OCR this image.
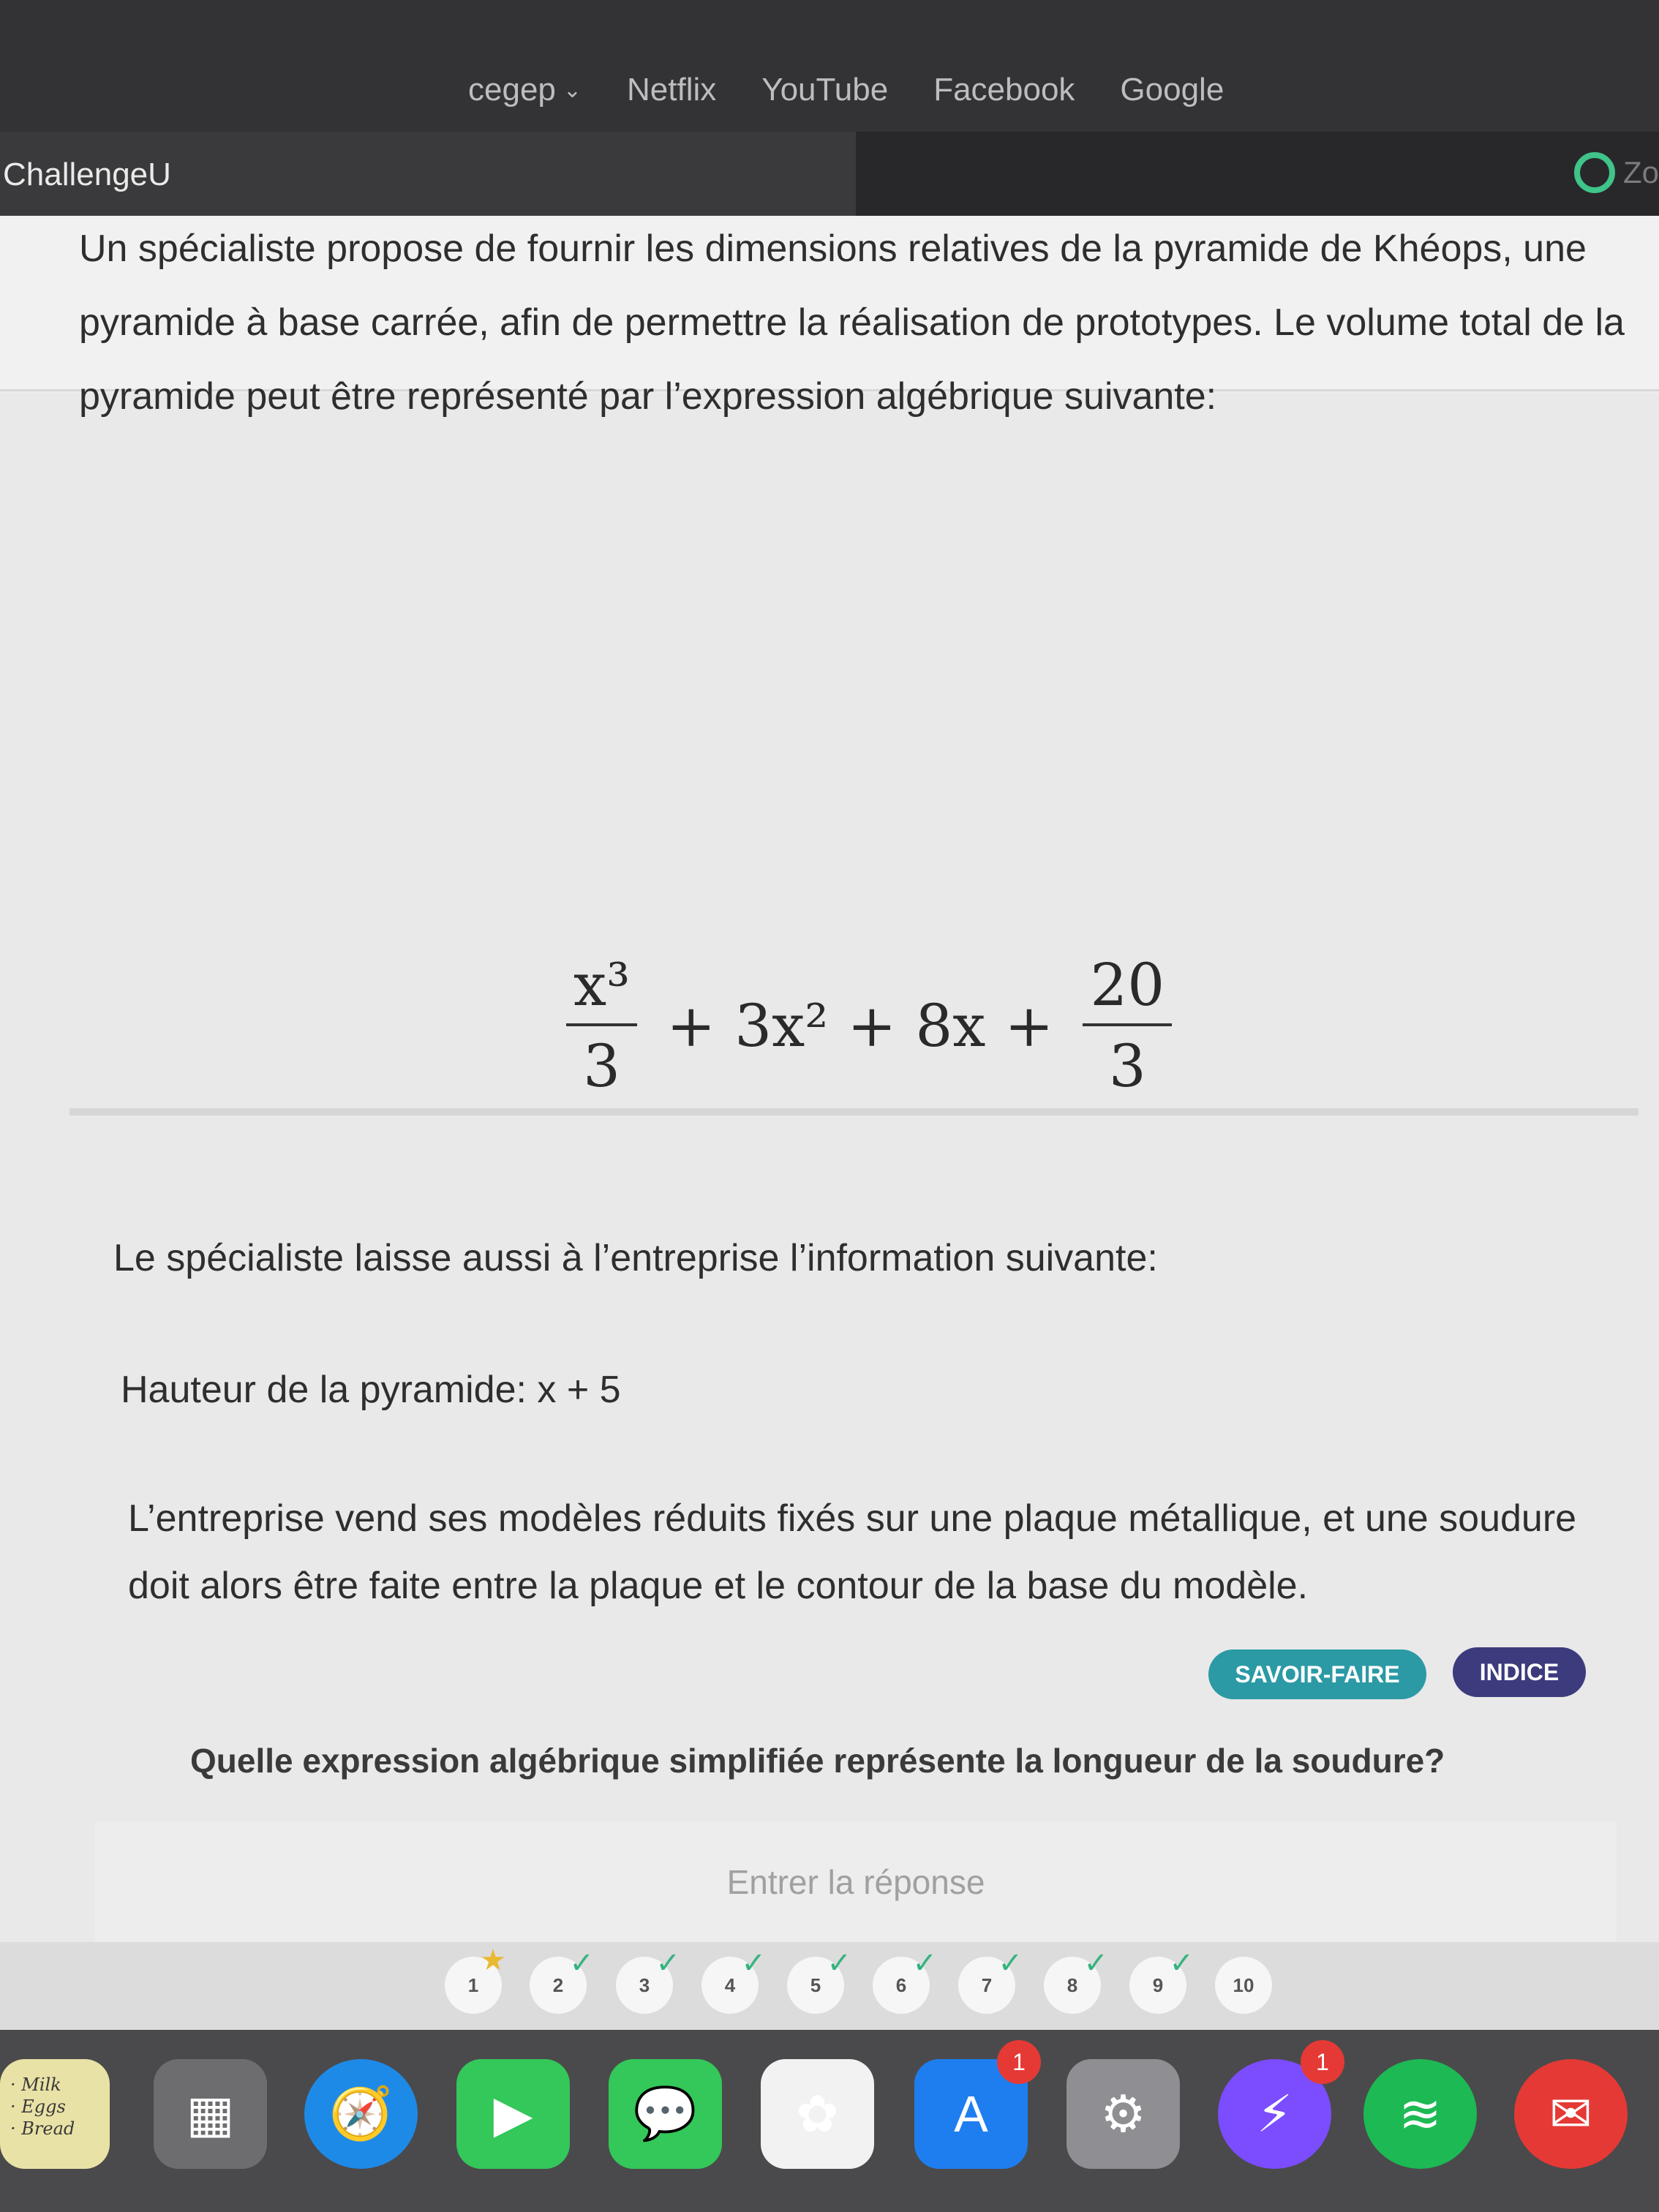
cegep ⌄ Netflix YouTube Facebook Google
ChallengeU	Zo

Un spécialiste propose de fournir les dimensions relatives de la pyramide de Khéops, une pyramide à base carrée, afin de permettre la réalisation de prototypes. Le volume total de la pyramide peut être représenté par l’expression algébrique suivante:

$\frac{\text{x³}}{3} + 3x^2 + 8x + \frac{20}{3}$

Le spécialiste laisse aussi à l’entreprise l’information suivante:

Hauteur de la pyramide: x + 5

L’entreprise vend ses modèles réduits fixés sur une plaque métallique, et une soudure doit alors être faite entre la plaque et le contour de la base du modèle.

SAVOIR-FAIRE	INDICE

Quelle expression algébrique simplifiée représente la longueur de la soudure?

Entrer la réponse
1
★
2
✓
3
✓
4
✓
5
✓
6
✓
7
✓
8
✓
9
✓
10
· Milk
· Eggs
· Bread	▦	🧭	▶	💬	✿	A
1
⚙	⚡
1
≋	✉
